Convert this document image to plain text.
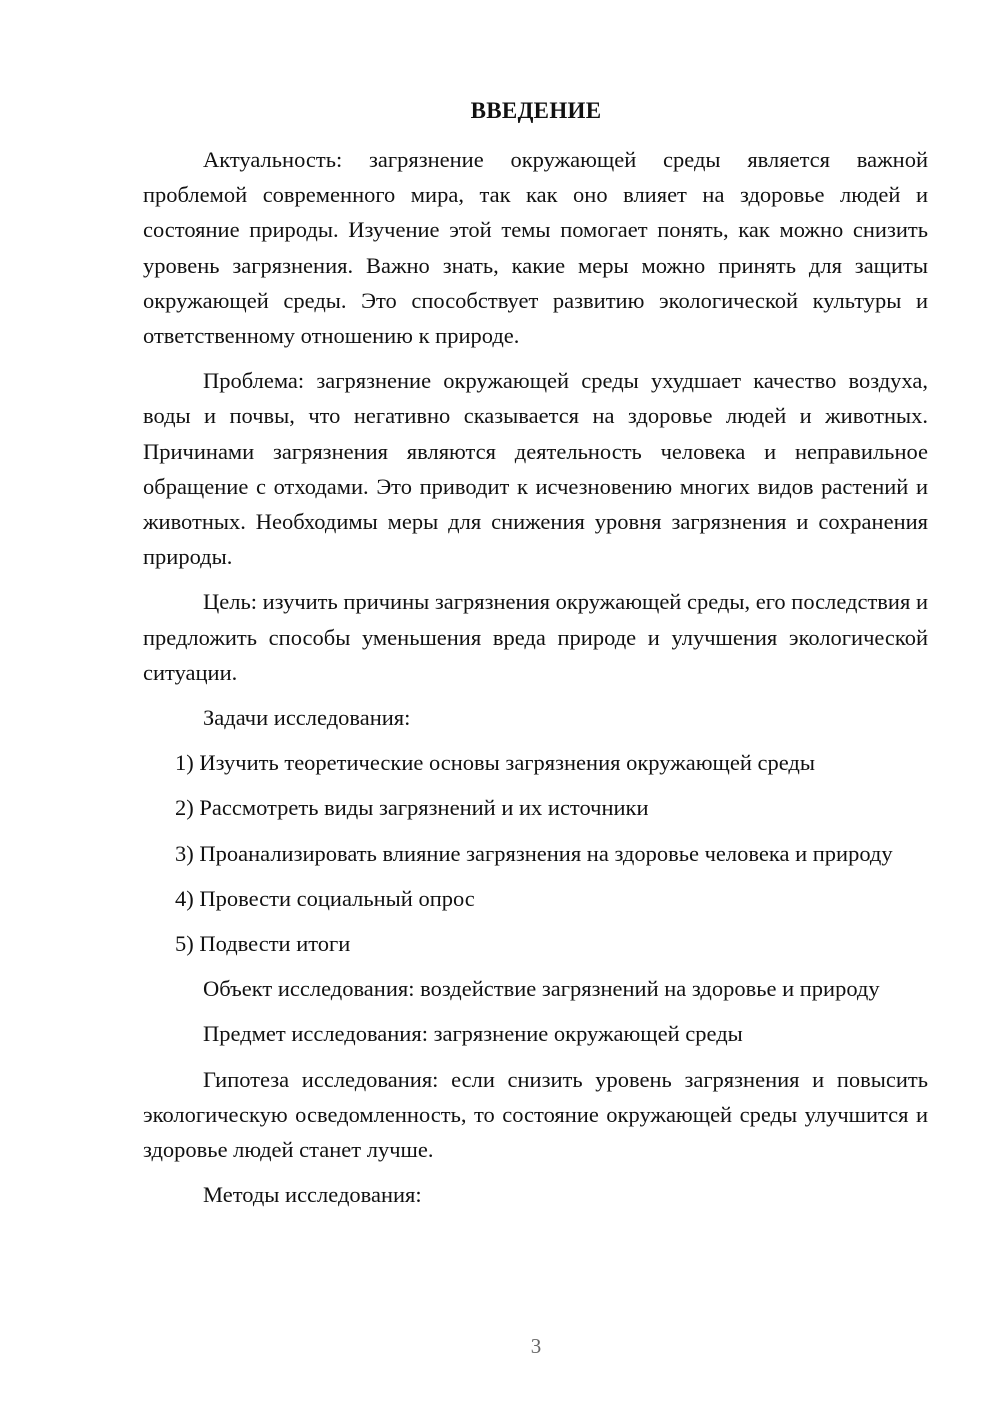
ВВЕДЕНИЕ

Актуальность: загрязнение окружающей среды является важной проблемой современного мира, так как оно влияет на здоровье людей и состояние природы. Изучение этой темы помогает понять, как можно снизить уровень загрязнения. Важно знать, какие меры можно принять для защиты окружающей среды. Это способствует развитию экологической культуры и ответственному отношению к природе.

Проблема: загрязнение окружающей среды ухудшает качество воздуха, воды и почвы, что негативно сказывается на здоровье людей и животных. Причинами загрязнения являются деятельность человека и неправильное обращение с отходами. Это приводит к исчезновению многих видов растений и животных. Необходимы меры для снижения уровня загрязнения и сохранения природы.

Цель: изучить причины загрязнения окружающей среды, его последствия и предложить способы уменьшения вреда природе и улучшения экологической ситуации.

Задачи исследования:

1) Изучить теоретические основы загрязнения окружающей среды

2) Рассмотреть виды загрязнений и их источники

3) Проанализировать влияние загрязнения на здоровье человека и природу

4) Провести социальный опрос

5) Подвести итоги

Объект исследования: воздействие загрязнений на здоровье и природу

Предмет исследования: загрязнение окружающей среды

Гипотеза исследования: если снизить уровень загрязнения и повысить экологическую осведомленность, то состояние окружающей среды улучшится и здоровье людей станет лучше.

Методы исследования:

3
